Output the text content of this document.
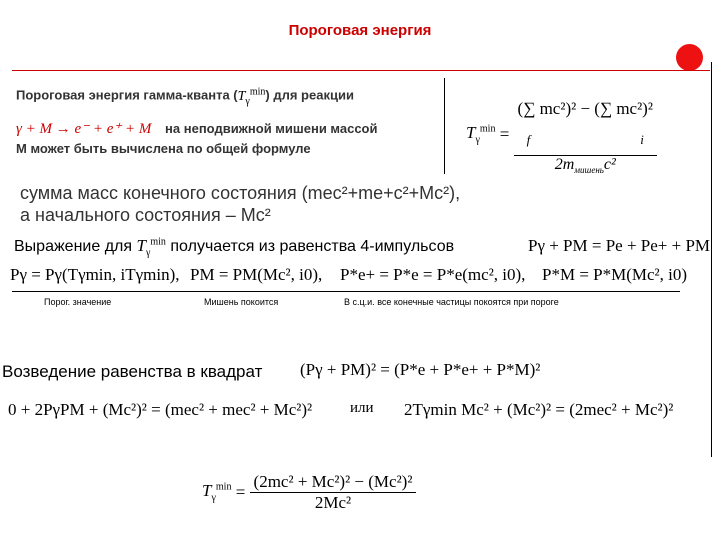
Пороговая энергия
Пороговая энергия гамма-кванта $(T_\gamma^{min})$ для реакции
γ + M → e⁻ + e⁺ + M на неподвижной мишени массой
M может быть вычислена по общей формуле
$T_\gamma^{min}$ =
(∑ mc²)² − (∑ mc²)²
f	i
$2m_{мишень}c^2$
сумма масс конечного состояния (mec²+me+c²+Mc²),
а начального состояния – Mc²
Выражение для $T_\gamma^{min}$ получается из равенства 4-импульсов	Pγ + PM = Pe + Pe+ + PM
Pγ = Pγ(Tγmin, iTγmin), PM = PM(Mc², i0), P*e+ = P*e = P*e(mc², i0), P*M = P*M(Mc², i0)
Порог. значение	Мишень покоится	В с.ц.и. все конечные частицы покоятся при пороге
Возведение равенства в квадрат (Pγ + PM)² = (P*e + P*e+ + P*M)²
0 + 2PγPM + (Mc²)² = (mec² + mec² + Mc²)²	или 2Tγmin Mc² + (Mc²)² = (2mec² + Mc²)²
$T_\gamma^{min} = \frac{\text{(2mc² + Mc²)² − (Mc²)²}}{\text{2Mc²}}$
